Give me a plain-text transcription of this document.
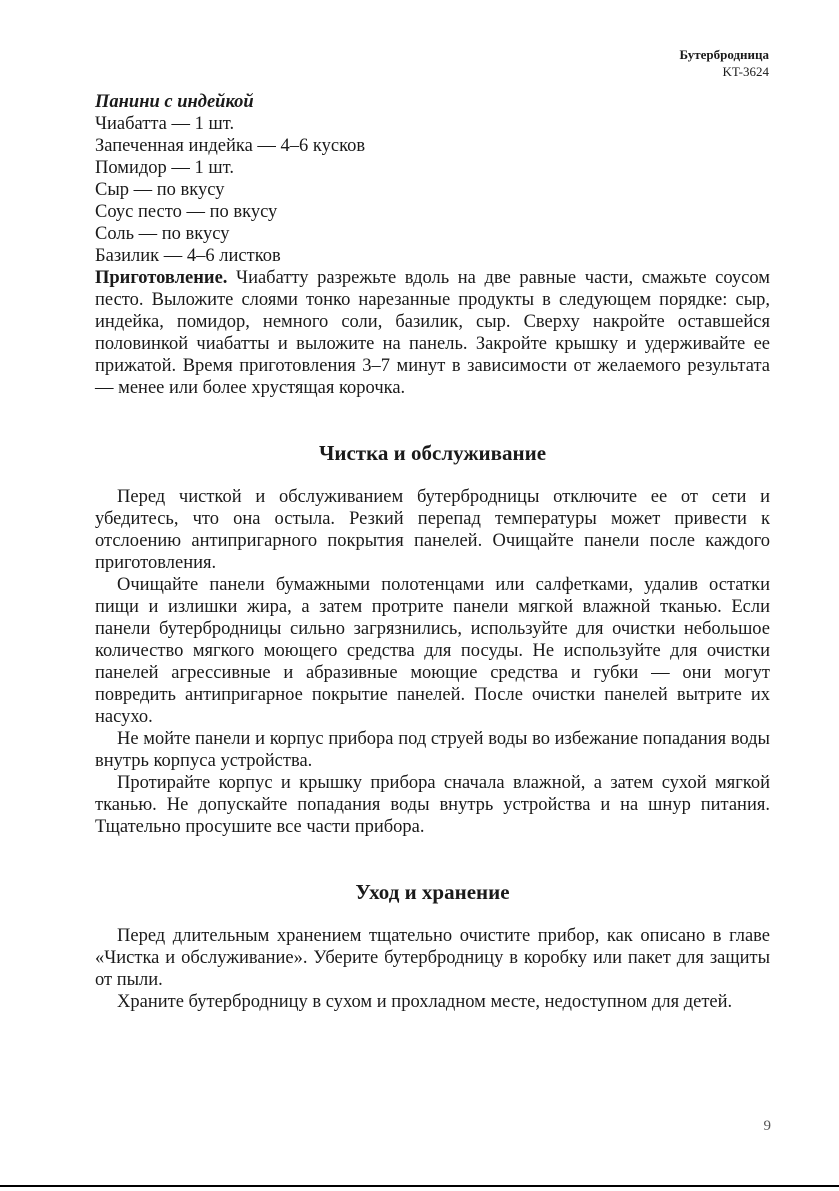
Бутербродница
KT-3624
Панини с индейкой
Чиабатта — 1 шт.
Запеченная индейка — 4–6 кусков
Помидор — 1 шт.
Сыр — по вкусу
Соус песто — по вкусу
Соль — по вкусу
Базилик — 4–6 листков

Приготовление. Чиабатту разрежьте вдоль на две равные части, смажьте соусом песто. Выложите слоями тонко нарезанные продукты в следующем порядке: сыр, индейка, помидор, немного соли, базилик, сыр. Сверху накройте оставшейся половинкой чиабатты и выложите на панель. Закройте крышку и удерживайте ее прижатой. Время приготовления 3–7 минут в зависимости от желаемого результата — менее или более хрустящая корочка.

Чистка и обслуживание

Перед чисткой и обслуживанием бутербродницы отключите ее от сети и убедитесь, что она остыла. Резкий перепад температуры может привести к отслоению антипригарного покрытия панелей. Очищайте панели после каждого приготовления.

Очищайте панели бумажными полотенцами или салфетками, удалив остатки пищи и излишки жира, а затем протрите панели мягкой влажной тканью. Если панели бутербродницы сильно загрязнились, используйте для очистки небольшое количество мягкого моющего средства для посуды. Не используйте для очистки панелей агрессивные и абразивные моющие средства и губки — они могут повредить антипригарное покрытие панелей. После очистки панелей вытрите их насухо.

Не мойте панели и корпус прибора под струей воды во избежание попадания воды внутрь корпуса устройства.

Протирайте корпус и крышку прибора сначала влажной, а затем сухой мягкой тканью. Не допускайте попадания воды внутрь устройства и на шнур питания. Тщательно просушите все части прибора.

Уход и хранение

Перед длительным хранением тщательно очистите прибор, как описано в главе «Чистка и обслуживание». Уберите бутербродницу в коробку или пакет для защиты от пыли.

Храните бутербродницу в сухом и прохладном месте, недоступном для детей.

9
